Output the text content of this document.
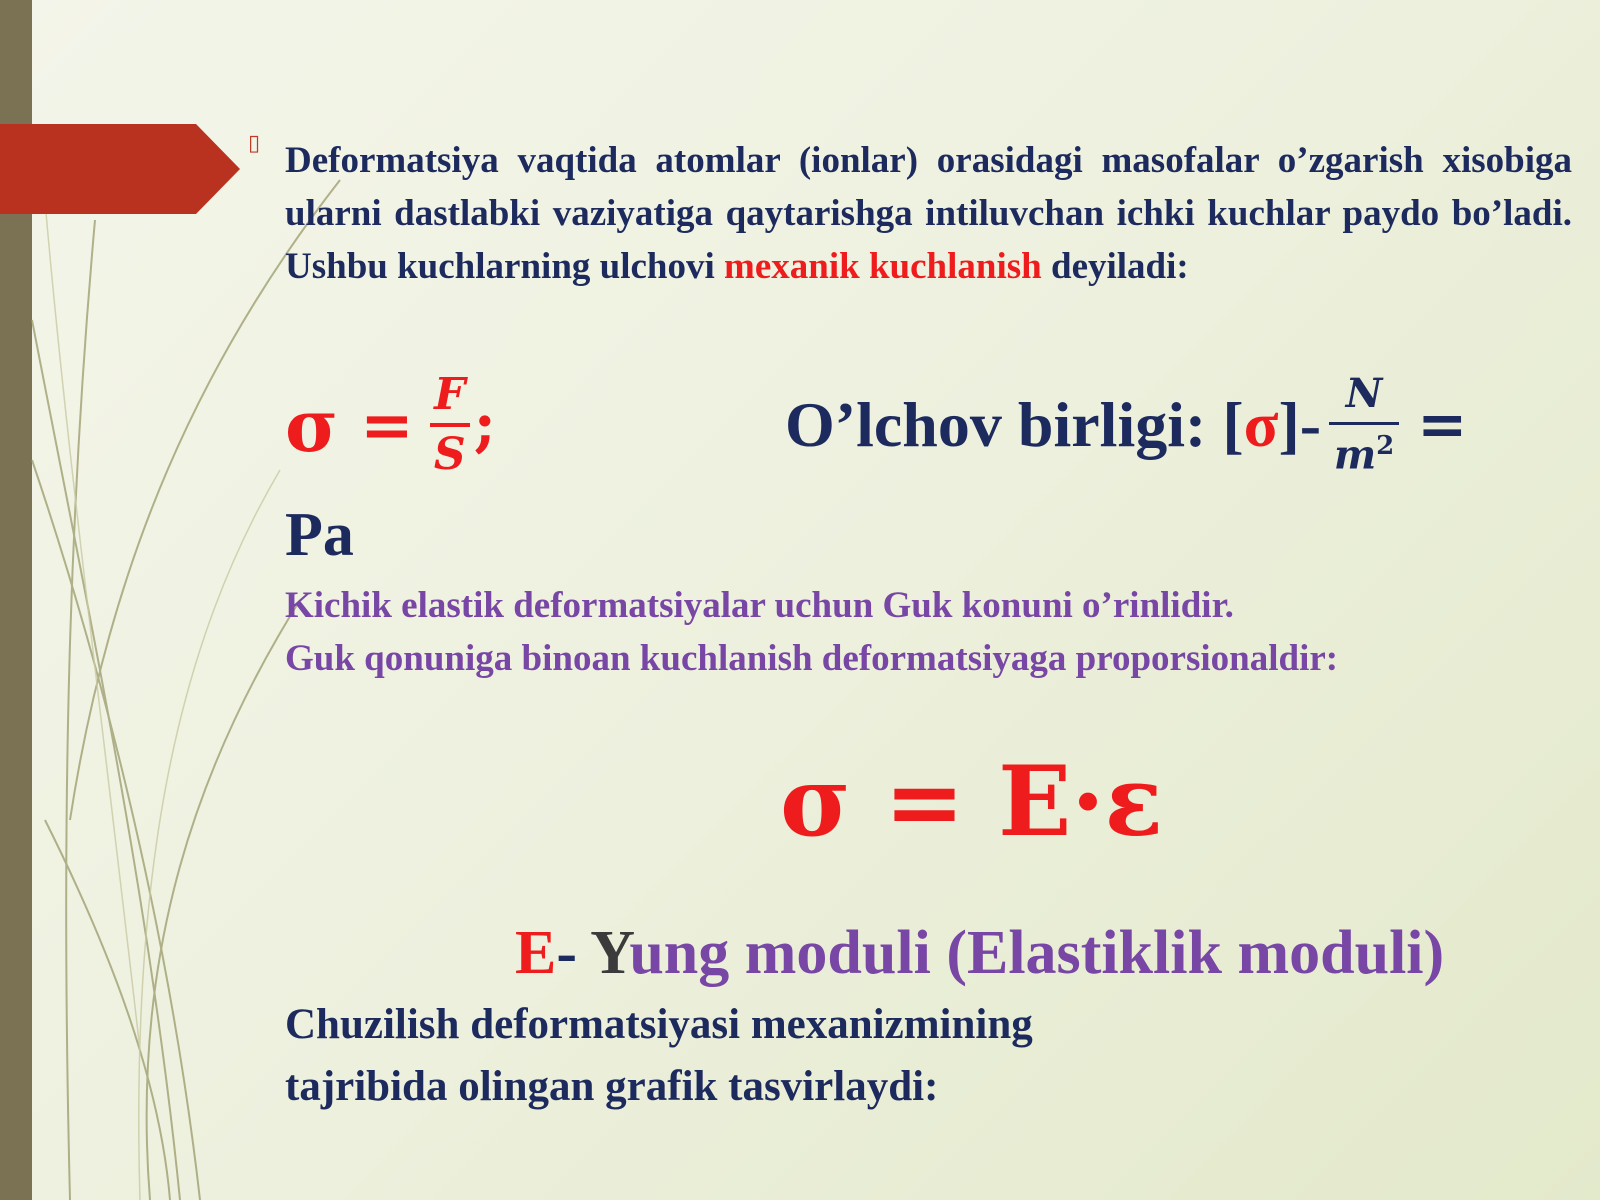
▯ Deformatsiya vaqtida atomlar (ionlar) orasidagi masofalar o’zgarish xisobiga ularni dastlabki vaziyatiga qaytarishga intiluvchan ichki kuchlar paydo bo’ladi. Ushbu kuchlarning ulchovi mexanik kuchlanish deyiladi:
$\sigma = \frac{F}{S}$ ;	O’lchov birligi: [ σ ]- N
$m^2$ =
Pa
Kichik elastik deformatsiyalar uchun Guk konuni o’rinlidir.
Guk qonuniga binoan kuchlanish deformatsiyaga proporsionaldir:
σ = E·ε
E- Yung moduli (Elastiklik moduli)
Chuzilish deformatsiyasi mexanizmining
tajribida olingan grafik tasvirlaydi:
